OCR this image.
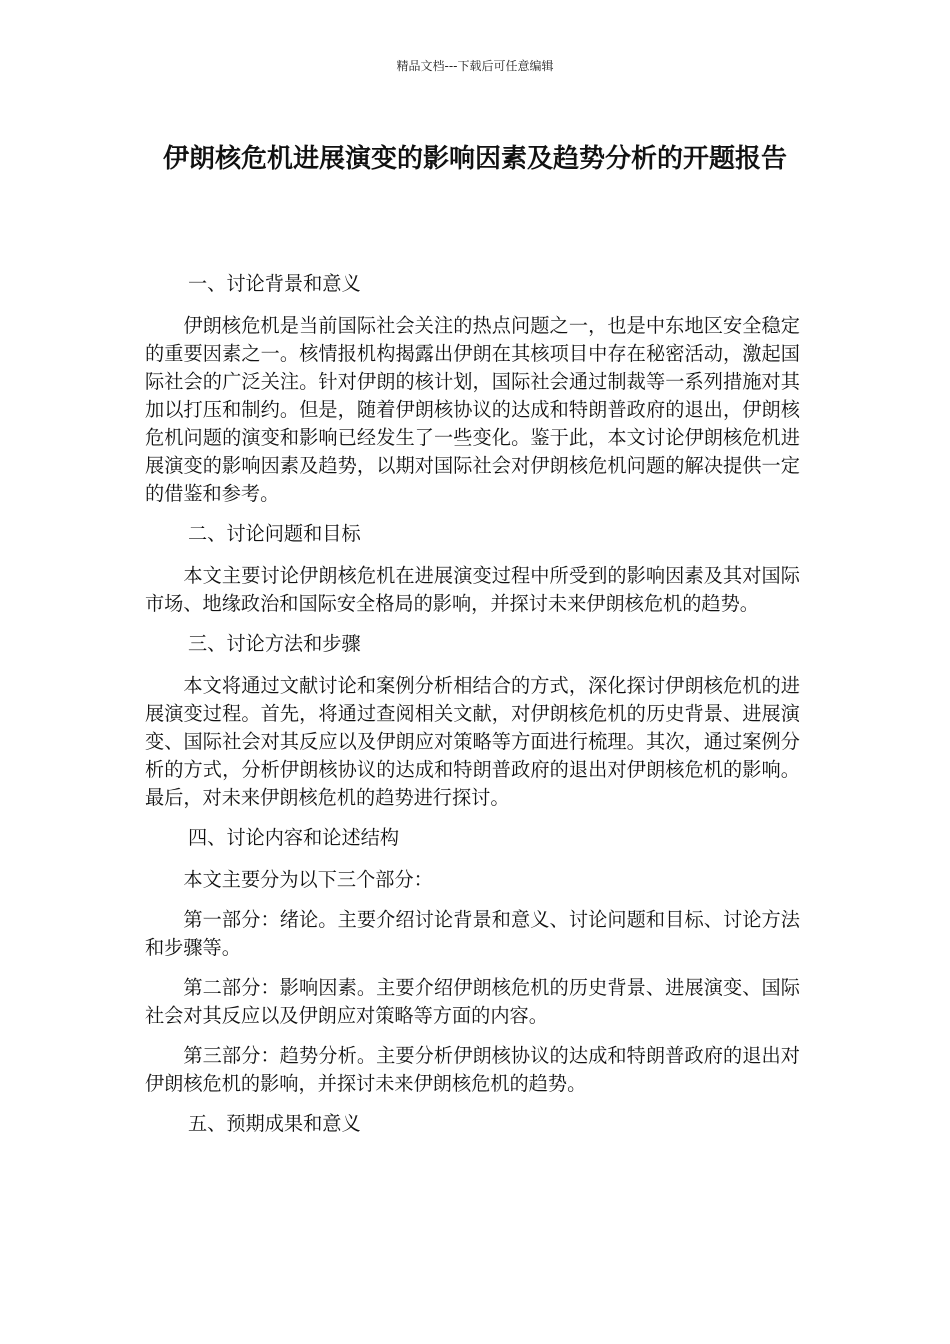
精品文档---下载后可任意编辑
伊朗核危机进展演变的影响因素及趋势分析的开题报告
一、讨论背景和意义

伊朗核危机是当前国际社会关注的热点问题之一，也是中东地区安全稳定的重要因素之一。核情报机构揭露出伊朗在其核项目中存在秘密活动，激起国际社会的广泛关注。针对伊朗的核计划，国际社会通过制裁等一系列措施对其加以打压和制约。但是，随着伊朗核协议的达成和特朗普政府的退出，伊朗核危机问题的演变和影响已经发生了一些变化。鉴于此，本文讨论伊朗核危机进展演变的影响因素及趋势，以期对国际社会对伊朗核危机问题的解决提供一定的借鉴和参考。

二、讨论问题和目标

本文主要讨论伊朗核危机在进展演变过程中所受到的影响因素及其对国际市场、地缘政治和国际安全格局的影响，并探讨未来伊朗核危机的趋势。

三、讨论方法和步骤

本文将通过文献讨论和案例分析相结合的方式，深化探讨伊朗核危机的进展演变过程。首先，将通过查阅相关文献，对伊朗核危机的历史背景、进展演变、国际社会对其反应以及伊朗应对策略等方面进行梳理。其次，通过案例分析的方式，分析伊朗核协议的达成和特朗普政府的退出对伊朗核危机的影响。最后，对未来伊朗核危机的趋势进行探讨。

四、讨论内容和论述结构

本文主要分为以下三个部分：

第一部分：绪论。主要介绍讨论背景和意义、讨论问题和目标、讨论方法和步骤等。

第二部分：影响因素。主要介绍伊朗核危机的历史背景、进展演变、国际社会对其反应以及伊朗应对策略等方面的内容。

第三部分：趋势分析。主要分析伊朗核协议的达成和特朗普政府的退出对伊朗核危机的影响，并探讨未来伊朗核危机的趋势。

五、预期成果和意义
